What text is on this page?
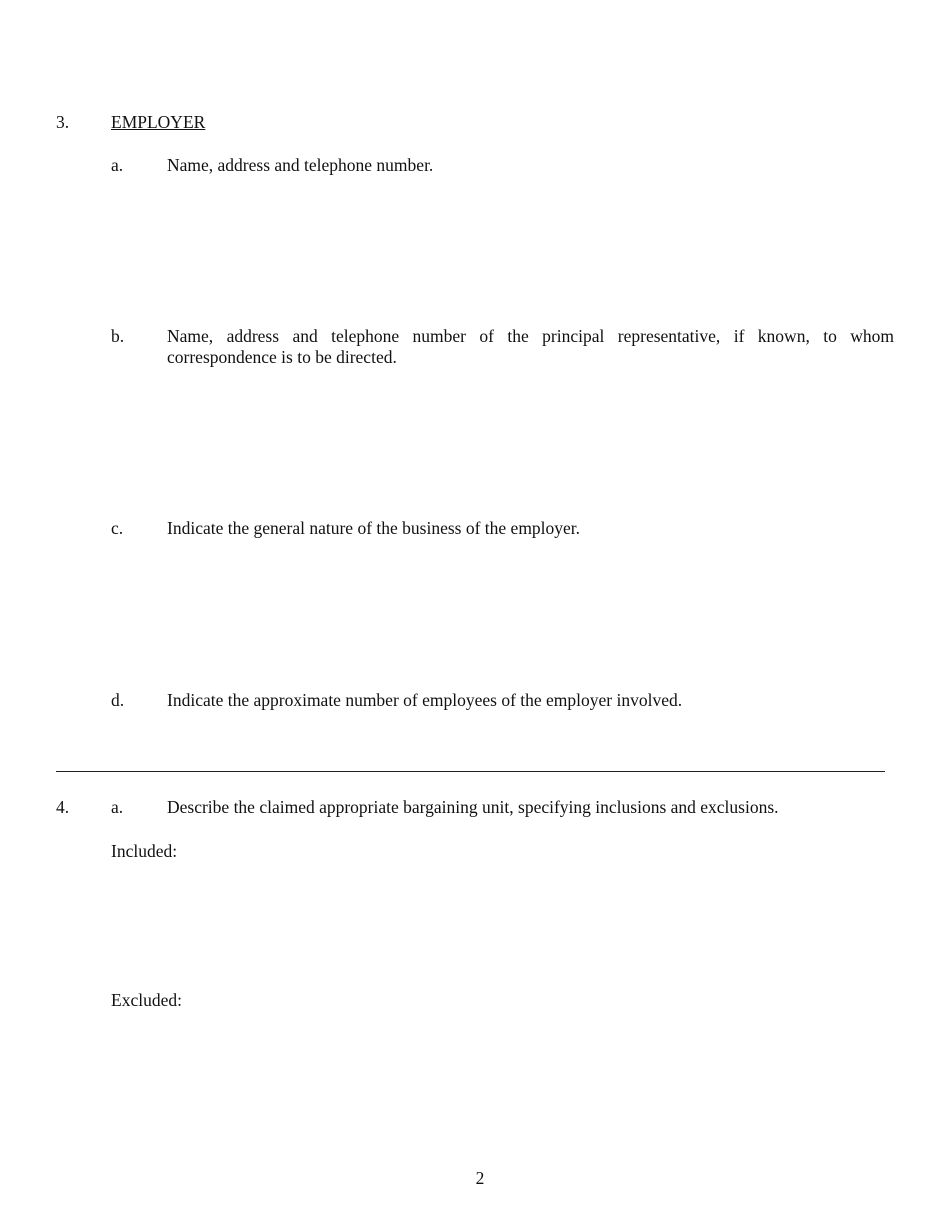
3. EMPLOYER
a.	Name, address and telephone number.
b. Name, address and telephone number of the principal representative, if known, to whom correspondence is to be directed.
c.	Indicate the general nature of the business of the employer.
d. Indicate the approximate number of employees of the employer involved.
4. a.	Describe the claimed appropriate bargaining unit, specifying inclusions and exclusions.
Included:
Excluded:
2
